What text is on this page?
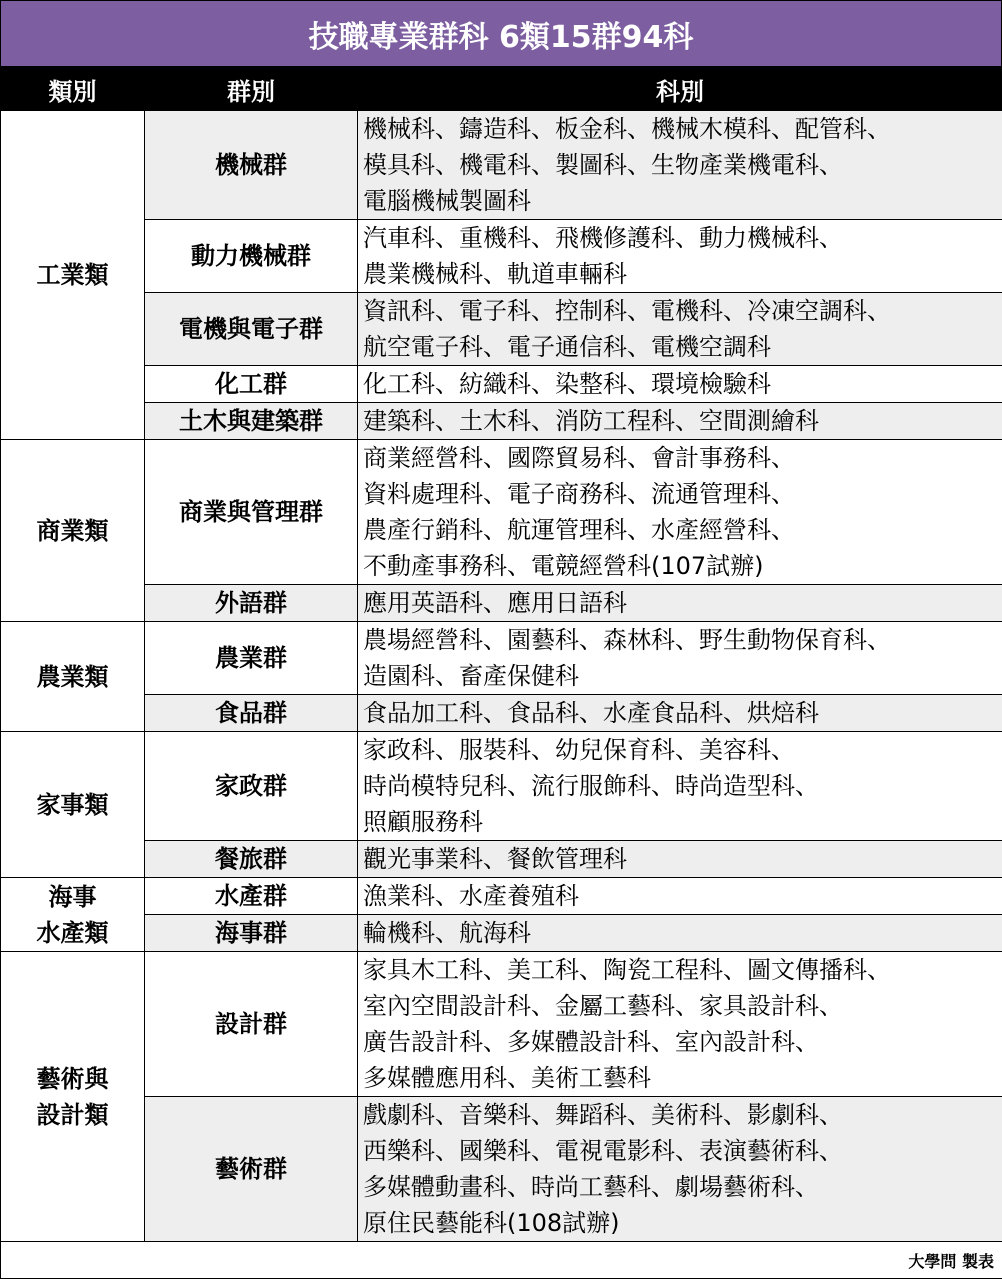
技職專業群科 6類15群94科
類別	群別	科別

工業類	機械群	機械科、鑄造科、板金科、機械木模科、配管科、
模具科、機電科、製圖科、生物產業機電科、
電腦機械製圖科

	動力機械群	汽車科、重機科、飛機修護科、動力機械科、
農業機械科、軌道車輛科

	電機與電子群	資訊科、電子科、控制科、電機科、冷凍空調科、
航空電子科、電子通信科、電機空調科

	化工群	化工科、紡織科、染整科、環境檢驗科

	土木與建築群	建築科、土木科、消防工程科、空間測繪科

商業類	商業與管理群	商業經營科、國際貿易科、會計事務科、
資料處理科、電子商務科、流通管理科、
農產行銷科、航運管理科、水產經營科、
不動產事務科、電競經營科(107試辦)

	外語群	應用英語科、應用日語科

農業類	農業群	農場經營科、園藝科、森林科、野生動物保育科、
造園科、畜產保健科

	食品群	食品加工科、食品科、水產食品科、烘焙科

家事類	家政群	家政科、服裝科、幼兒保育科、美容科、
時尚模特兒科、流行服飾科、時尚造型科、
照顧服務科

	餐旅群	觀光事業科、餐飲管理科

海事
水產類	水產群	漁業科、水產養殖科

	海事群	輪機科、航海科

藝術與
設計類	設計群	家具木工科、美工科、陶瓷工程科、圖文傳播科、
室內空間設計科、金屬工藝科、家具設計科、
廣告設計科、多媒體設計科、室內設計科、
多媒體應用科、美術工藝科

	藝術群	戲劇科、音樂科、舞蹈科、美術科、影劇科、
西樂科、國樂科、電視電影科、表演藝術科、
多媒體動畫科、時尚工藝科、劇場藝術科、
原住民藝能科(108試辦)

大學問 製表		
